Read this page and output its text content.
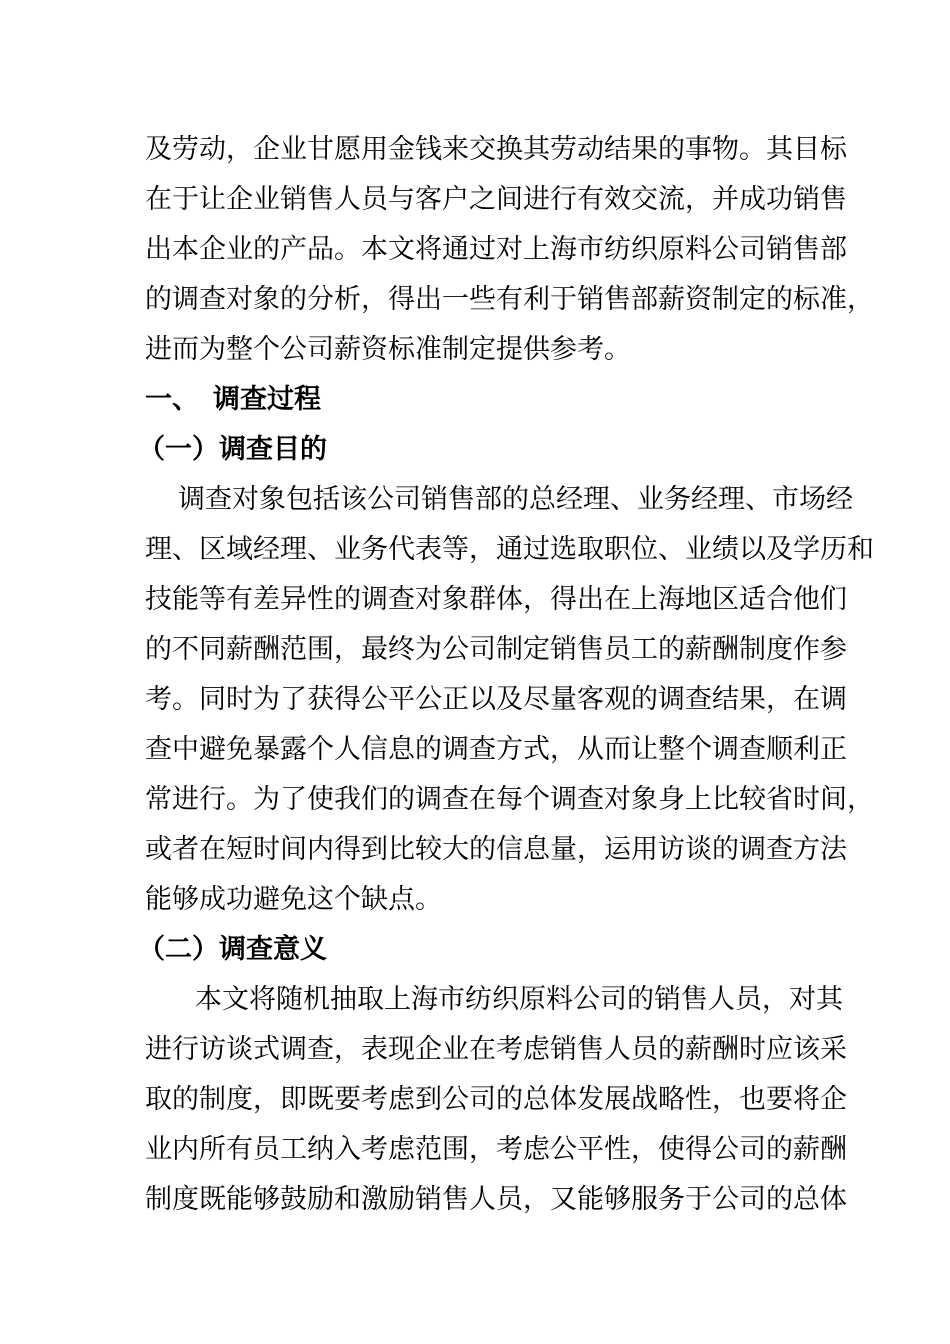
及劳动，企业甘愿用金钱来交换其劳动结果的事物。其目标
在于让企业销售人员与客户之间进行有效交流，并成功销售
出本企业的产品。本文将通过对上海市纺织原料公司销售部
的调查对象的分析，得出一些有利于销售部薪资制定的标准，
进而为整个公司薪资标准制定提供参考。
一、 调查过程
（一）调查目的
调查对象包括该公司销售部的总经理、业务经理、市场经
理、区域经理、业务代表等，通过选取职位、业绩以及学历和
技能等有差异性的调查对象群体，得出在上海地区适合他们
的不同薪酬范围，最终为公司制定销售员工的薪酬制度作参
考。同时为了获得公平公正以及尽量客观的调查结果，在调
查中避免暴露个人信息的调查方式，从而让整个调查顺利正
常进行。为了使我们的调查在每个调查对象身上比较省时间，
或者在短时间内得到比较大的信息量，运用访谈的调查方法
能够成功避免这个缺点。
（二）调查意义
本文将随机抽取上海市纺织原料公司的销售人员，对其
进行访谈式调查，表现企业在考虑销售人员的薪酬时应该采
取的制度，即既要考虑到公司的总体发展战略性，也要将企
业内所有员工纳入考虑范围，考虑公平性，使得公司的薪酬
制度既能够鼓励和激励销售人员，又能够服务于公司的总体
